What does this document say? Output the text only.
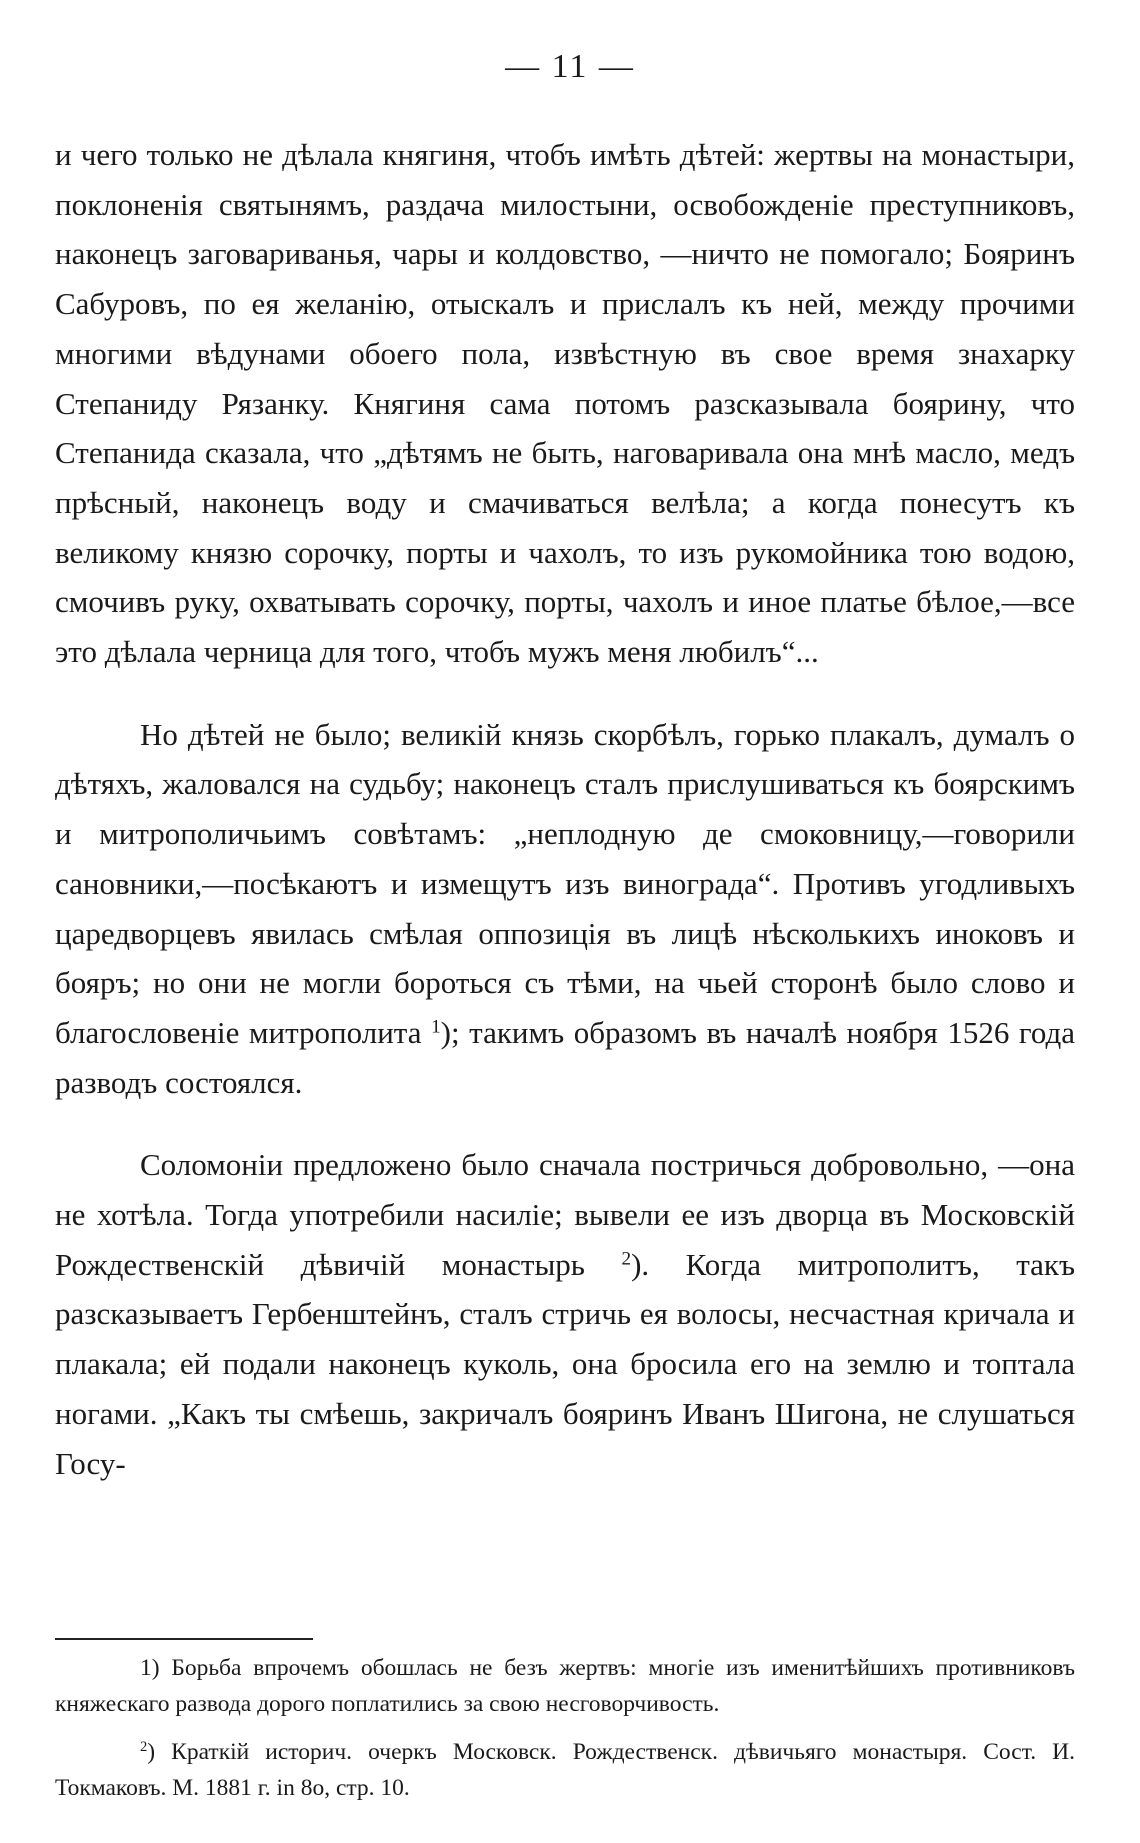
— 11 —

и чего только не дѣлала княгиня, чтобъ имѣть дѣтей: жертвы на монастыри, поклоненія святынямъ, раздача милостыни, освобожденіе преступниковъ, наконецъ заговариванья, чары и колдовство, —ничто не помогало; Бояринъ Сабуровъ, по ея желанію, отыскалъ и прислалъ къ ней, между прочими многими вѣдунами обоего пола, извѣстную въ свое время знахарку Степаниду Рязанку. Княгиня сама потомъ разсказывала боярину, что Степанида сказала, что „дѣтямъ не быть, наговаривала она мнѣ масло, медъ прѣсный, наконецъ воду и смачиваться велѣла; а когда понесутъ къ великому князю сорочку, порты и чахолъ, то изъ рукомойника тою водою, смочивъ руку, охватывать сорочку, порты, чахолъ и иное платье бѣлое,—все это дѣлала черница для того, чтобъ мужъ меня любилъ“...

Но дѣтей не было; великій князь скорбѣлъ, горько плакалъ, думалъ о дѣтяхъ, жаловался на судьбу; наконецъ сталъ прислушиваться къ боярскимъ и митрополичьимъ совѣтамъ: „неплодную де смоковницу,—говорили сановники,—посѣкаютъ и измещутъ изъ винограда“. Противъ угодливыхъ царедворцевъ явилась смѣлая оппозиція въ лицѣ нѣсколькихъ иноковъ и бояръ; но они не могли бороться съ тѣми, на чьей сторонѣ было слово и благословеніе митрополита $^1$); такимъ образомъ въ началѣ ноября 1526 года разводъ состоялся.

Соломоніи предложено было сначала постричься добровольно, —она не хотѣла. Тогда употребили насиліе; вывели ее изъ дворца въ Московскій Рождественскій дѣвичій монастырь $^2$). Когда митрополитъ, такъ разсказываетъ Гербенштейнъ, сталъ стричь ея волосы, несчастная кричала и плакала; ей подали наконецъ куколь, она бросила его на землю и топтала ногами. „Какъ ты смѣешь, закричалъ бояринъ Иванъ Шигона, не слушаться Госу-

1) Борьба впрочемъ обошлась не безъ жертвъ: многіе изъ именитѣйшихъ противниковъ княжескаго развода дорого поплатились за свою несговорчивость.

$^2$) Краткій историч. очеркъ Московск. Рождественск. дѣвичьяго монастыря. Сост. И. Токмаковъ. М. 1881 г. in 8о, стр. 10.
